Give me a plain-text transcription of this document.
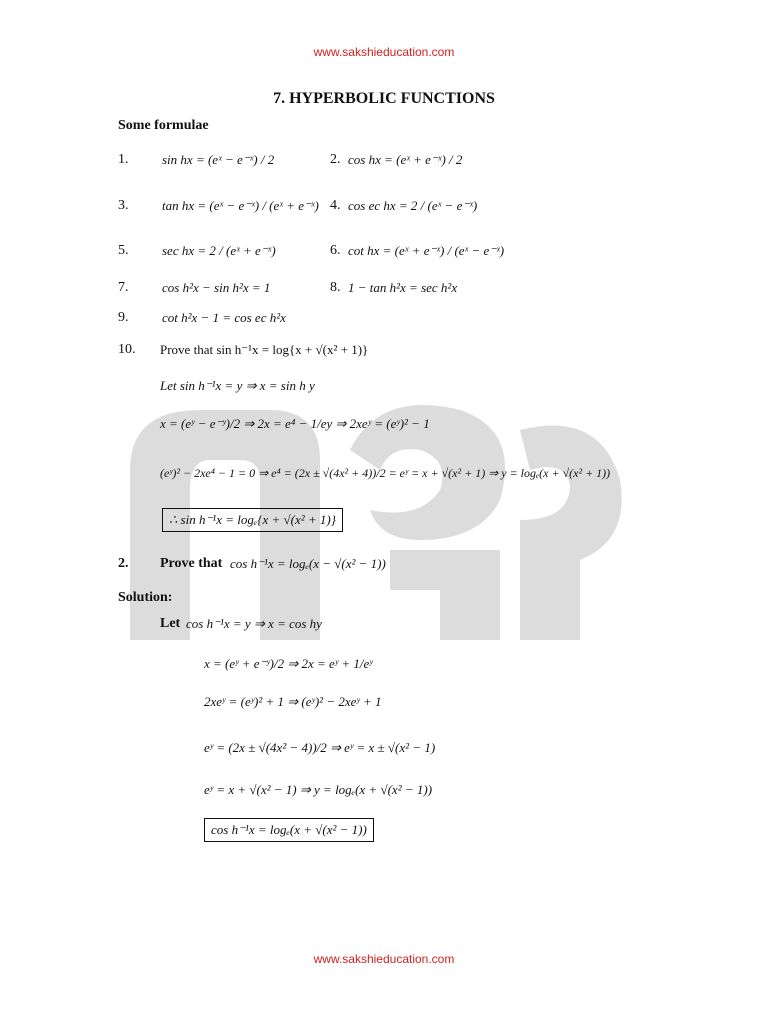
www.sakshieducation.com
7. HYPERBOLIC FUNCTIONS
Some formulae
1.	sin hx = (eˣ − e⁻ˣ) / 2	2. cos hx = (eˣ + e⁻ˣ) / 2
3.	tan hx = (eˣ − e⁻ˣ) / (eˣ + e⁻ˣ) 4. cos ec hx = 2 / (eˣ − e⁻ˣ)
5.	sec hx = 2 / (eˣ + e⁻ˣ)	6. cot hx = (eˣ + e⁻ˣ) / (eˣ − e⁻ˣ)
7.	cos h²x − sin h²x = 1	8. 1 − tan h²x = sec h²x
9.	cot h²x − 1 = cos ec h²x
10. Prove that sin h⁻¹x = log{x + √(x² + 1)}
Let sin h⁻¹x = y ⇒ x = sin h y
x = (eʸ − e⁻ʸ)/2 ⇒ 2x = e⁴ − 1/ey ⇒ 2xeʸ = (eʸ)² − 1
(eʸ)² − 2xe⁴ − 1 = 0 ⇒ e⁴ = (2x ± √(4x² + 4))/2 = eʸ = x + √(x² + 1) ⇒ y = logₑ(x + √(x² + 1))
∴ sin h⁻¹x = logₑ{x + √(x² + 1)}
2. Prove that cos h⁻¹x = logₑ(x − √(x² − 1))
Solution:
Let cos h⁻¹x = y ⇒ x = cos hy
x = (eʸ + e⁻ʸ)/2 ⇒ 2x = eʸ + 1/eʸ
2xeʸ = (eʸ)² + 1 ⇒ (eʸ)² − 2xeʸ + 1
eʸ = (2x ± √(4x² − 4))/2 ⇒ eʸ = x ± √(x² − 1)
eʸ = x + √(x² − 1) ⇒ y = logₑ(x + √(x² − 1))
cos h⁻¹x = logₑ(x + √(x² − 1))
www.sakshieducation.com
